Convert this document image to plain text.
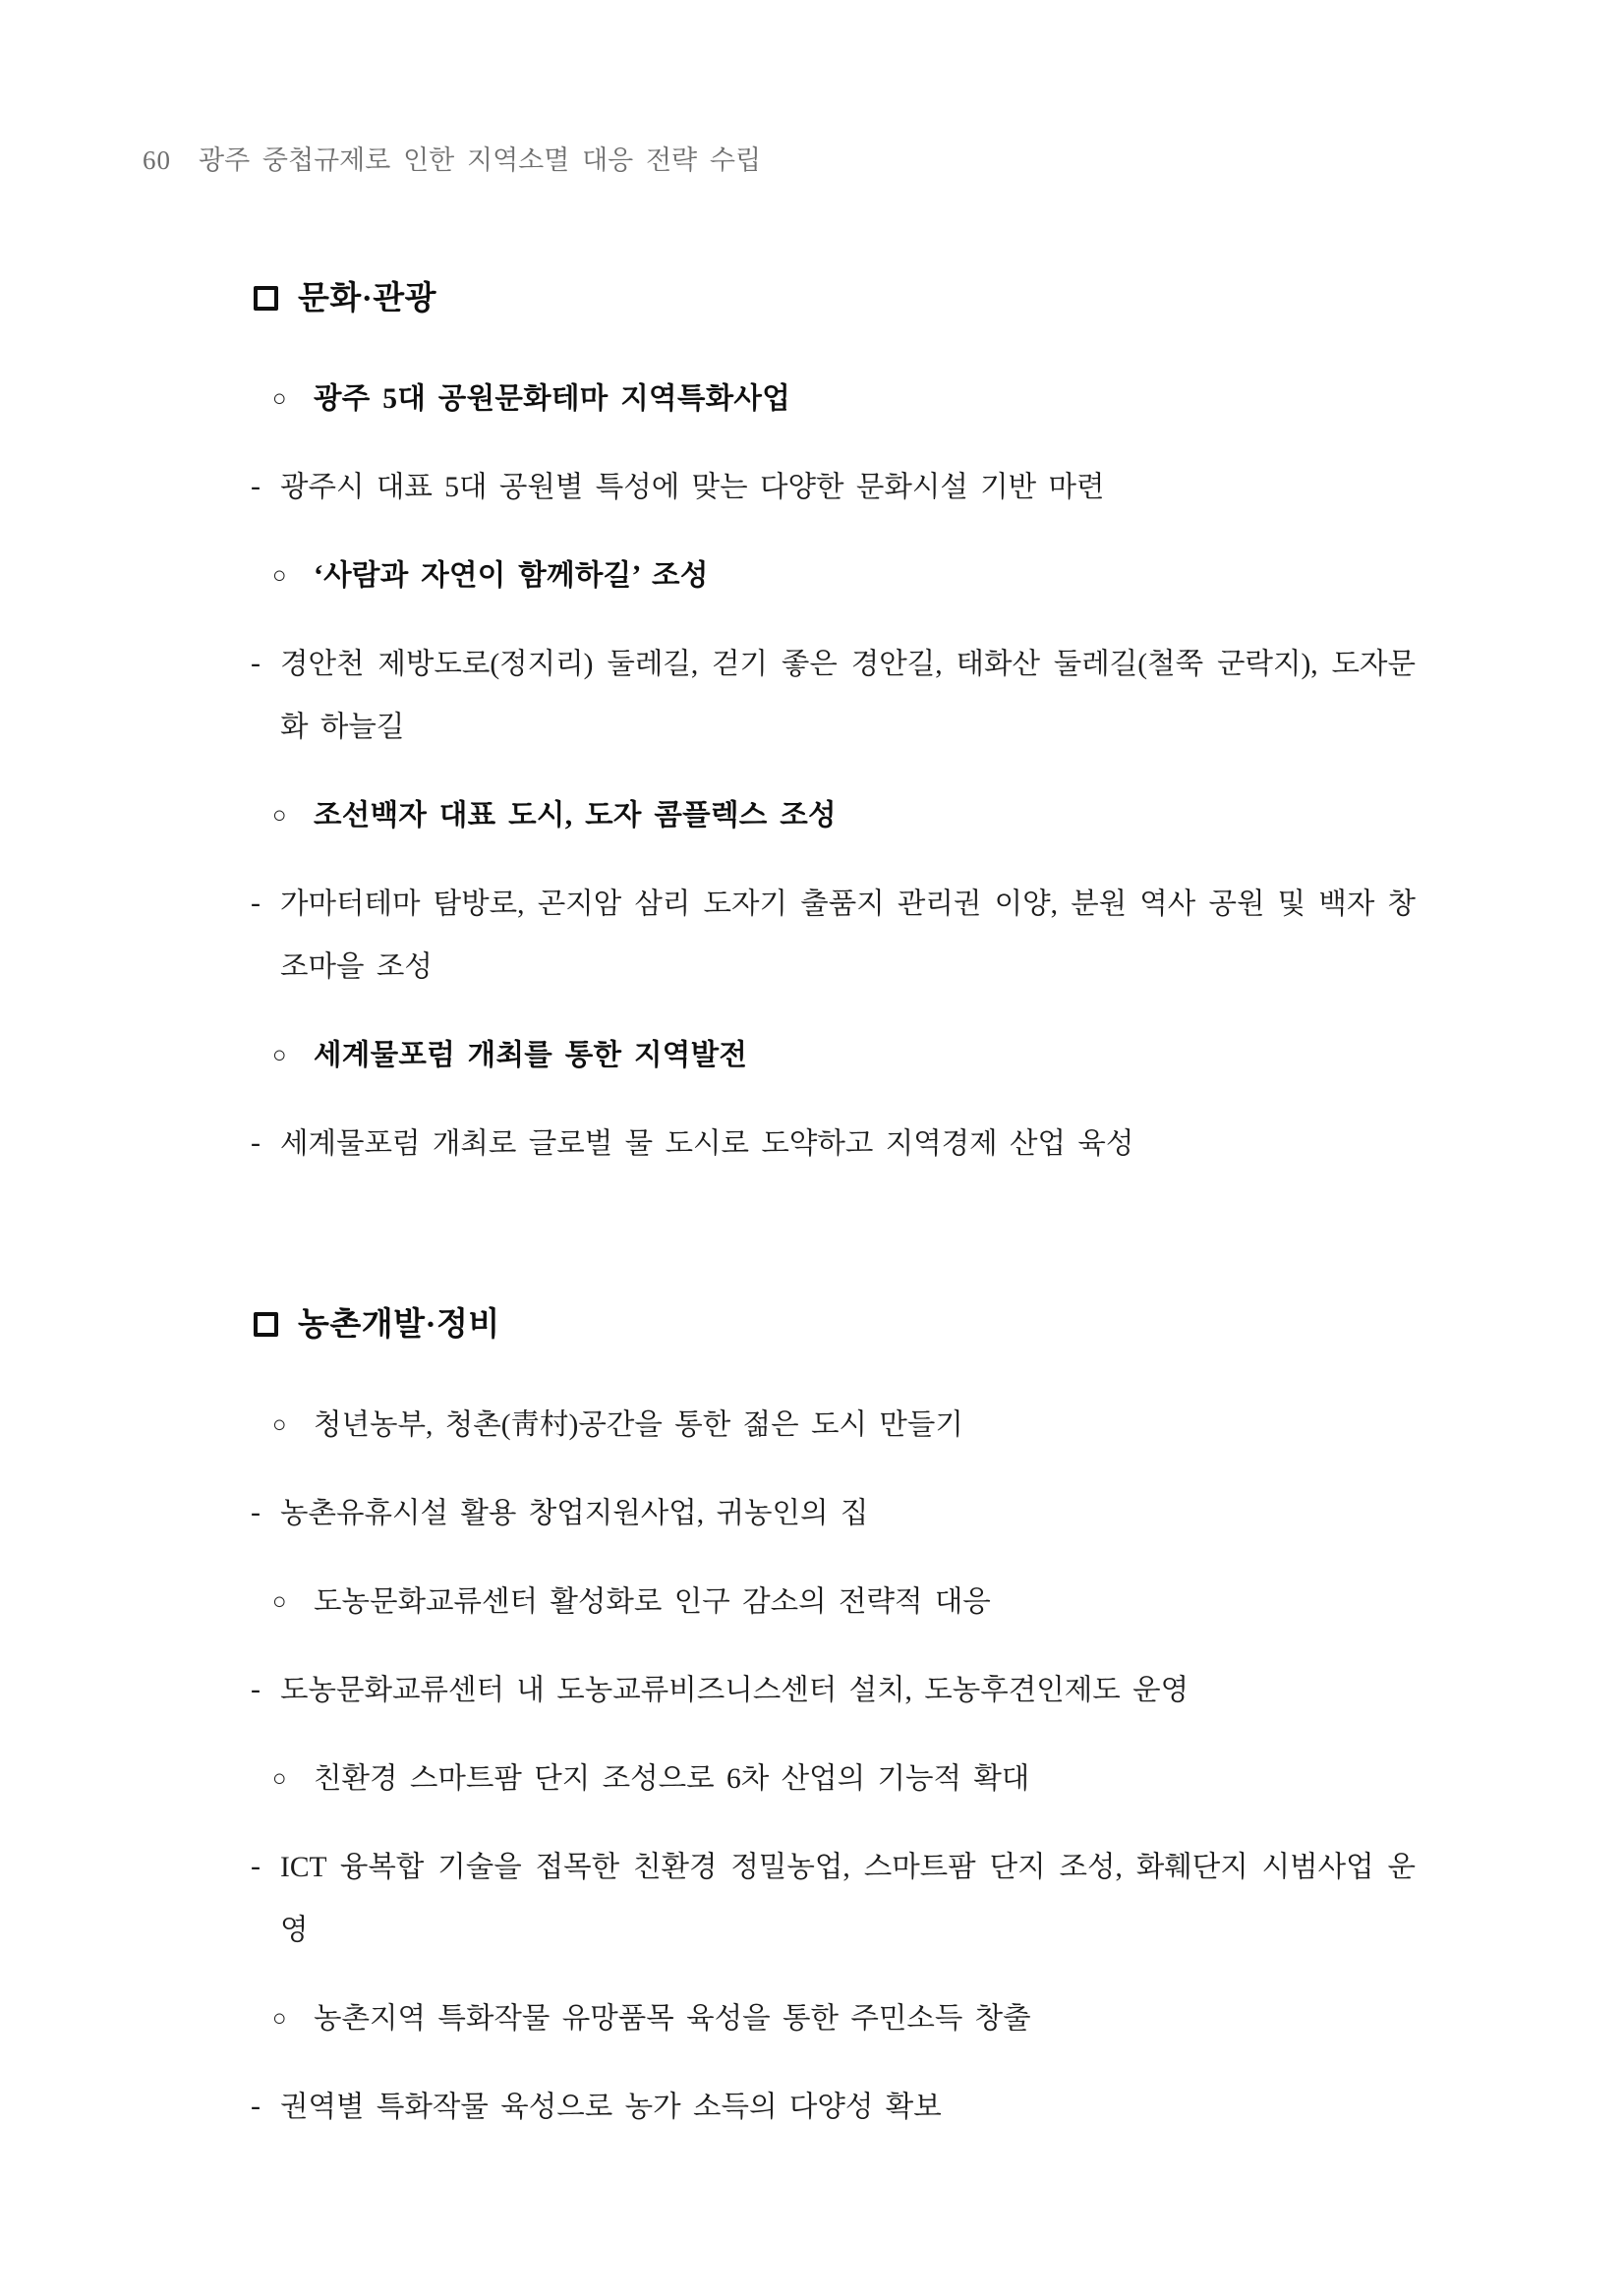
60 광주 중첩규제로 인한 지역소멸 대응 전략 수립
문화·관광
○ 광주 5대 공원문화테마 지역특화사업
- 광주시 대표 5대 공원별 특성에 맞는 다양한 문화시설 기반 마련
○ ‘사람과 자연이 함께하길’ 조성
- 경안천 제방도로(정지리) 둘레길, 걷기 좋은 경안길, 태화산 둘레길(철쭉 군락지), 도자문화 하늘길
○ 조선백자 대표 도시, 도자 콤플렉스 조성
- 가마터테마 탐방로, 곤지암 삼리 도자기 출품지 관리권 이양, 분원 역사 공원 및 백자 창조마을 조성
○ 세계물포럼 개최를 통한 지역발전
- 세계물포럼 개최로 글로벌 물 도시로 도약하고 지역경제 산업 육성
농촌개발·정비
○ 청년농부, 청촌(靑村)공간을 통한 젊은 도시 만들기
- 농촌유휴시설 활용 창업지원사업, 귀농인의 집
○ 도농문화교류센터 활성화로 인구 감소의 전략적 대응
- 도농문화교류센터 내 도농교류비즈니스센터 설치, 도농후견인제도 운영
○ 친환경 스마트팜 단지 조성으로 6차 산업의 기능적 확대
- ICT 융복합 기술을 접목한 친환경 정밀농업, 스마트팜 단지 조성, 화훼단지 시범사업 운영
○ 농촌지역 특화작물 유망품목 육성을 통한 주민소득 창출
- 권역별 특화작물 육성으로 농가 소득의 다양성 확보
